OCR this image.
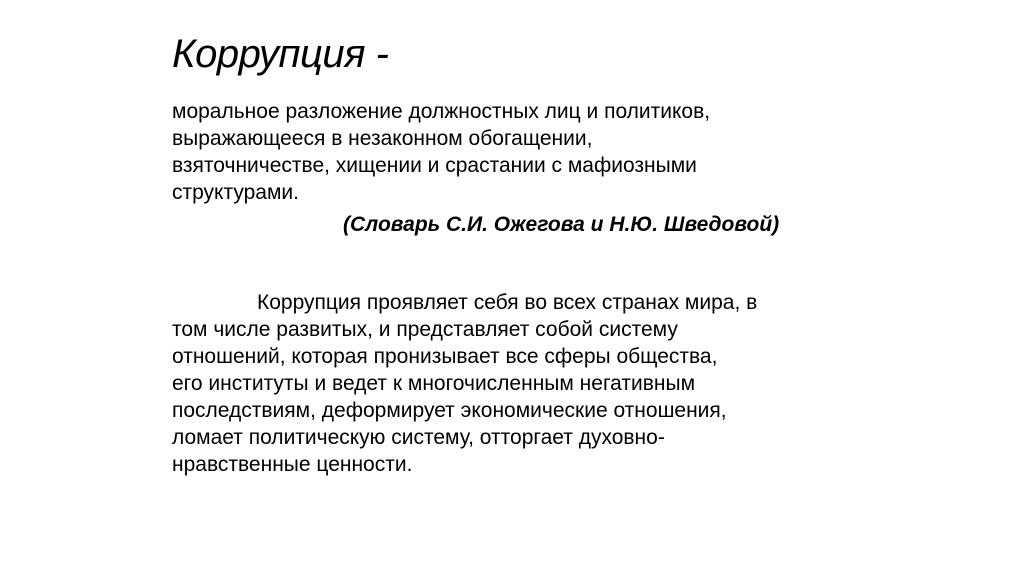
Коррупция -
моральное разложение должностных лиц и политиков,
выражающееся в незаконном обогащении,
взяточничестве, хищении и срастании с мафиозными
структурами.
(Словарь С.И. Ожегова и Н.Ю. Шведовой)
Коррупция проявляет себя во всех странах мира, в
том числе развитых, и представляет собой систему
отношений, которая пронизывает все сферы общества,
его институты и ведет к многочисленным негативным
последствиям, деформирует экономические отношения,
ломает политическую систему, отторгает духовно-
нравственные ценности.
